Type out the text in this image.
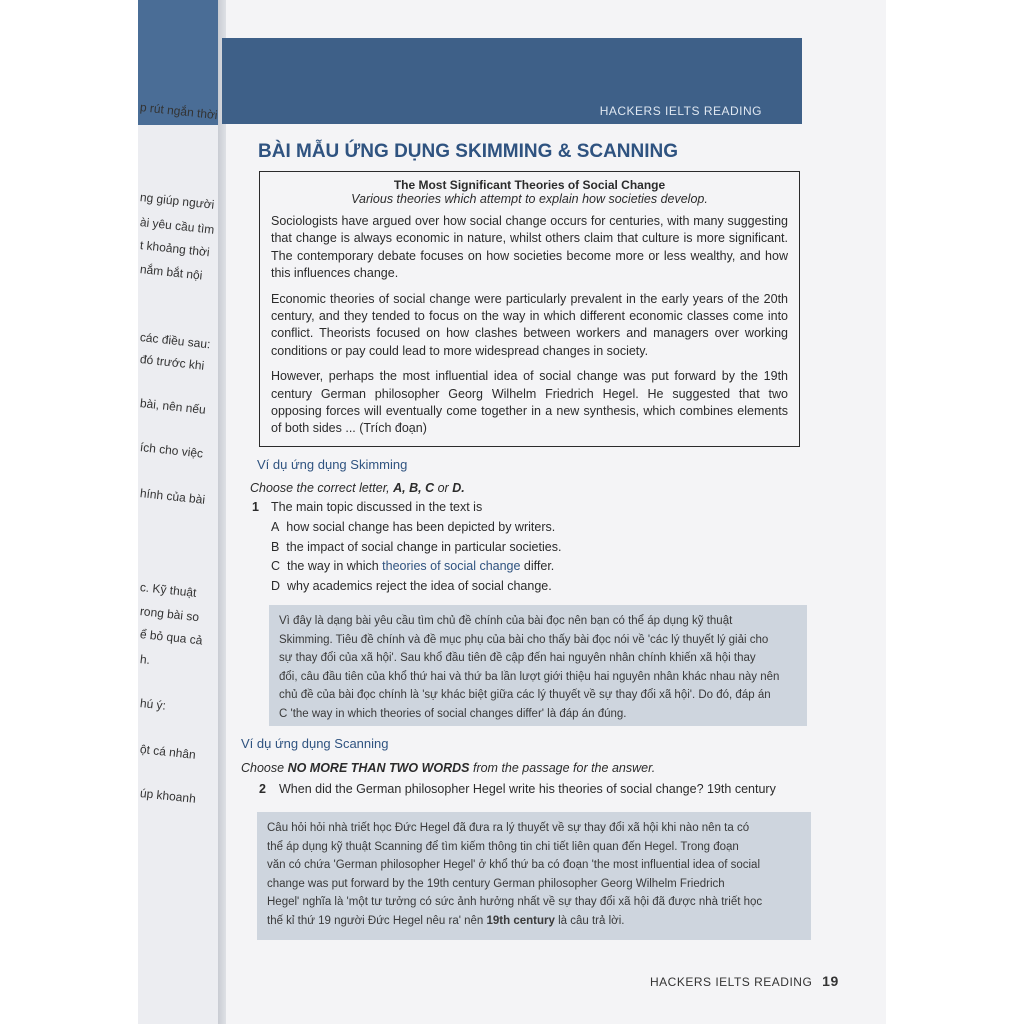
p rút ngắn thời
ng giúp người
ài yêu cầu tìm
t khoảng thời
nắm bắt nội
các điều sau:
đó trước khi
bài, nên nếu
ích cho việc
hính của bài
c. Kỹ thuật
rong bài so
ể bỏ qua cả
h.
hú ý:
ột cá nhân
úp khoanh
HACKERS IELTS READING
BÀI MẪU ỨNG DỤNG SKIMMING & SCANNING
The Most Significant Theories of Social Change
Various theories which attempt to explain how societies develop.

Sociologists have argued over how social change occurs for centuries, with many suggesting that change is always economic in nature, whilst others claim that culture is more significant. The contemporary debate focuses on how societies become more or less wealthy, and how this influences change.

Economic theories of social change were particularly prevalent in the early years of the 20th century, and they tended to focus on the way in which different economic classes come into conflict. Theorists focused on how clashes between workers and managers over working conditions or pay could lead to more widespread changes in society.

However, perhaps the most influential idea of social change was put forward by the 19th century German philosopher Georg Wilhelm Friedrich Hegel. He suggested that two opposing forces will eventually come together in a new synthesis, which combines elements of both sides ... (Trích đoạn)

Ví dụ ứng dụng Skimming
Choose the correct letter, A, B, C or D.
1 The main topic discussed in the text is
A how social change has been depicted by writers.
B the impact of social change in particular societies.
C the way in which theories of social change differ.
D why academics reject the idea of social change.
Vì đây là dạng bài yêu cầu tìm chủ đề chính của bài đọc nên bạn có thể áp dụng kỹ thuật
Skimming. Tiêu đề chính và đề mục phụ của bài cho thấy bài đọc nói về 'các lý thuyết lý giải cho
sự thay đổi của xã hội'. Sau khổ đầu tiên đề cập đến hai nguyên nhân chính khiến xã hội thay
đổi, câu đầu tiên của khổ thứ hai và thứ ba lần lượt giới thiệu hai nguyên nhân khác nhau này nên
chủ đề của bài đọc chính là 'sự khác biệt giữa các lý thuyết về sự thay đổi xã hội'. Do đó, đáp án
C 'the way in which theories of social changes differ' là đáp án đúng.
Ví dụ ứng dụng Scanning
Choose NO MORE THAN TWO WORDS from the passage for the answer.
2 When did the German philosopher Hegel write his theories of social change? 19th century
Câu hỏi hỏi nhà triết học Đức Hegel đã đưa ra lý thuyết về sự thay đổi xã hội khi nào nên ta có
thể áp dụng kỹ thuật Scanning để tìm kiếm thông tin chi tiết liên quan đến Hegel. Trong đoạn
văn có chứa 'German philosopher Hegel' ở khổ thứ ba có đoạn 'the most influential idea of social
change was put forward by the 19th century German philosopher Georg Wilhelm Friedrich
Hegel' nghĩa là 'một tư tưởng có sức ảnh hưởng nhất về sự thay đổi xã hội đã được nhà triết học
thế kỉ thứ 19 người Đức Hegel nêu ra' nên 19th century là câu trả lời.
HACKERS IELTS READING 19
